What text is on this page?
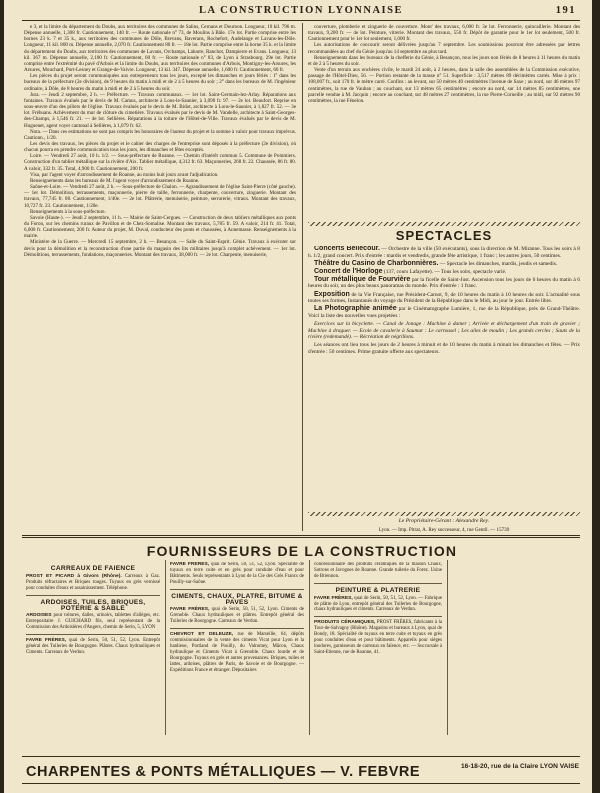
LA CONSTRUCTION LYONNAISE	191

e 3, et la limite du département du Doubs, aux territoires des communes de Salins, Cernans et Dournon. Longueur, 10 kil. 796 m. Dépense annuelle, 1,308 fr. Cautionnement, 140 fr. — Route nationale n° 73, de Moulins à Bâle. 17e lot. Partie comprise entre les bornes 23 k. 7 et 35 k., aux territoires des communes de Dôle, Brevans, Baverans, Rochefort, Audelange et Lavans-les-Dôle. Longueur, 11 kil. 800 m. Dépense annuelle, 2,070 fr. Cautionnement 80 fr. — 18e lot. Partie comprise entre la borne 35 k. et la limite du département du Doubs, aux territoires des communes de Lavans, Orchamps, Labarre, Ranchot, Dampierre et Evans. Longueur, 13 kil. 367 m. Dépense annuelle, 2,100 fr. Cautionnement, 60 fr. — Route nationale n° 83, de Lyon à Strasbourg. 29e lot. Partie comprise entre l'extrémité du pavé d'Arbois et la limite du Doubs, aux territoires des communes d'Arbois, Montigny-les-Arsures, les Arsures, Mouchard, Port-Lesney et Grange-de-Vaivre. Longueur, 13 kil. 347. Dépense annuelle, 1,600 fr. Cautionnement, 60 fr.

Les pièces du projet seront communiquées aux entrepreneurs tous les jours, excepté les dimanches et jours fériés : 1° dans les bureaux de la préfecture (2e division), de 9 heures du matin à midi et de 2 à 5 heures du soir ; 2° dans les bureaux de M. l'ingénieur ordinaire, à Dôle, de 8 heures du matin à midi et de 2 à 5 heures du soir.

Jura. — Jeudi 2 septembre, 2 h. — Préfecture. — Travaux communaux. — 1er lot. Saint-Germain-lez-Arlay. Réparations aux fontaines. Travaux évalués par le devis de M. Camus, architecte à Lons-le-Saunier, à 3,090 fr. 97. — 2e lot. Beaufort. Reprise en sous-œuvre d'un des piliers de l'église. Travaux évalués par le devis de M. Bidot, architecte à Lons-le-Saunier, à 1,827 fr. 52. — 3e lot. Frébuans. Achèvement du mur de clôture du cimetière. Travaux évalués par le devis de M. Vandelle, architecte à Saint-Georges-des-Champs, à 1,546 fr. 21. — 4e lot. Sellières. Réparations à la toiture de l'Hôtel-de-Ville. Travaux évalués par le devis de M. Huguenet, agent voyer cantonal à Sellières, à 1,079 fr. 62.

Nota. — Dans ces estimations ne sont pas compris les honoraires de l'auteur du projet et la somme à valoir pour travaux imprévus. Cautionn., 1/20.

Les devis des travaux, les pièces du projet et le cahier des charges de l'entreprise sont déposés à la préfecture (2e division), où chacun pourra en prendre communication tous les jours, les dimanches et fêtes exceptés.

Loire. — Vendredi 27 août, 10 h. 1/2. — Sous-préfecture de Roanne. — Chemin d'intérêt commun 5. Commune de Pommiers. Construction d'un tablier métallique sur la rivière d'Aix. Tablier métallique, 4,312 fr. 63. Maçonneries, 268 fr. 22. Chaussée, 86 fr. 80. A valoir, 332 fr. 35. Total, 4,900 fr. Cautionnement, 200 fr.

Visa, par l'agent voyer d'arrondissement de Roanne, au moins huit jours avant l'adjudication.

Renseignements dans les bureaux de M. l'agent voyer d'arrondissement de Roanne.

Saône-et-Loire. — Vendredi 27 août, 2 h. — Sous-préfecture de Chalon. — Agrandissement de l'église Saint-Pierre (côté gauche). — 1er lot. Démolition, terrassements, maçonnerie, pierre de taille, ferronnerie, charpente, couverture, zinguerie. Montant des travaux, 77,745 fr. 08. Cautionnement, 1/40e. — 2e lot. Plâtrerie, menuiserie, peinture, serrurerie, vitraux. Montant des travaux, 10,727 fr. 23. Cautionnement, 1/20e.

Renseignements à la sous-préfecture.

Savoie (Haute-). — Jeudi 2 septembre, 11 h. — Mairie de Saint-Cergues. — Construction de deux tabliers métalliques aux ponts du Foron, sur les chemins ruraux de Pavillon et de Chez-Somalise. Montant des travaux, 5,785 fr. 59. A valoir, 214 fr. 41. Total, 6,000 fr. Cautionnement, 200 fr. Auteur du projet, M. Duval, conducteur des ponts et chaussées, à Annemasse. Renseignements à la mairie.

Ministère de la Guerre. — Mercredi 15 septembre, 2 h. — Besançon. — Salle du Saint-Esprit. Génie. Travaux à exécuter sur devis pour la démolition et la reconstruction d'une partie du magasin des lits militaires jusqu'à complet achèvement. — 1er lot. Démolitions, terrassements, fondations, maçonneries. Montant des travaux, 38,000 fr. — 2e lot. Charpente, menuiserie,

couverture, plomberie et zinguerie de couverture. Mont' des travaux, 6,000 fr. 3e lot. Ferronnerie, quincaillerie. Montant des travaux, 9,200 fr. — 4e lot. Peinture, vitrerie. Montant des travaux, 550 fr. Dépôt de garantie pour le 1er lot seulement, 500 fr. Cautionnement pour le 1er lot seulement, 1,000 fr.

Les autorisations de concourir seront délivrées jusqu'au 7 septembre. Les soumissions pourront être adressées par lettres recommandées au chef du Génie jusqu'au 14 septembre au plus tard.

Renseignements dans les bureaux de la chefferie du Génie, à Besançon, tous les jours non fériés de 8 heures à 11 heures du matin et de 2 à 5 heures du soir.

Vente d'un terrain aux enchères civile, le mardi 24 août, à 2 heures, dans la salle des assemblées de la Commission exécutive, passage de l'Hôtel-Dieu, 56. — Portion restante de la masse n° 51. Superficie : 3,517 mètres 89 décimètres carrés. Mise à prix : 108,007 fr., soit 170 fr. le mètre carré. Confins : au levant, sur 50 mètres 40 centimètres l'avenue de Saxe ; au nord, sur 46 mètres 97 centimètres, la rue de Vauban ; au couchant, sur 13 mètres 65 centimètres ; encore au nord, sur 14 mètres 85 centimètres, une parcelle vendue à M. Jacquin ; encore au couchant, sur 48 mètres 27 centimètres, la rue Pierre-Corneille ; au midi, sur 92 mètres 90 centimètres, la rue Fénelon.

SPECTACLES

Concerts Bellecour. — Orchestre de la ville (50 exécutants), sous la direction de M. Miranne. Tous les soirs à 8 h. 1/2, grand concert. Prix d'entrée : mardis et vendredis, grande fête artistique, 1 franc ; les autres jours, 50 centimes.

Théâtre du Casino de Charbonnières. — Spectacle les dimanches, mardis, jeudis et samedis.

Concert de l'Horloge (137, cours Lafayette). — Tous les soirs, spectacle varié.

Tour métallique de Fourvière par la ficelle de Saint-Just. Ascension tous les jours de 6 heures du matin à 6 heures du soir, un des plus beaux panoramas du monde. Prix d'entrée : 1 franc.

Exposition de la Vie Française, rue Président-Carnot, 9, de 10 heures du matin à 10 heures du soir. L'actualité sous toutes ses formes, Instantanés du voyage du Président de la République dans le Midi, au jour le jour. Entrée libre.

La Photographie animée par le Cinématographe Lumière, 1, rue de la République, près de Grand-Théâtre. Voici la liste des nouvelles vues projetées :

Exercices sur la bicyclette. — Canal de Jonage : Machine à damer ; Arrivée et déchargement d'un train de gravier ; Machine à draguer. — Ecole de cavalerie à Saumur : Le carrousel ; Les ailes de moulin ; Les grands cercles ; Sauts de la rivière (redemandé). — Récréation de négrillons.

Les séances ont lieu tous les jours de 2 heures à minuit et de 10 heures du matin à minuit les dimanches et fêtes. — Prix d'entrée : 50 centimes. Prime gratuite offerte aux spectateurs.

Le Propriétaire-Gérant : Alexandre Rey.
Lyon. — Imp. Pitrat, A. Rey successeur, 4, rue Gentil. — 15739
FOURNISSEURS DE LA CONSTRUCTION
CARREAUX DE FAIENCE

PROST ET PICARD à Givors (Rhône). Carreaux à Gaz. Produits réfractaires et Briques rouges. Tuyaux en grès vernissé pour conduites d'eaux et assainissement. Téléphone.

ARDOISES, TUILES, BRIQUES, POTERIE & SABLE

ARDOISES pour toitures, dalles, urinoirs, tablettes d'allèges, etc. Entrepositaire J. GUICHARD fils, seul représentant de la Commission des Ardoisières d'Angers, chemin de Serin, 5, LYON

FAVRE FRÈRES, quai de Serin, 50, 51, 52, Lyon. Entrepôt général des Tuileries de Bourgogne. Plâtres. Chaux hydrauliques et Ciments. Carreaux de Verdun.

FAVRE FRÈRES, quai de Serin, 50, 51, 52, Lyon. Spécialité de tuyaux en terre cuite et en grès pour conduite d'eau et pour Bâtiments. Seuls représentants à Lyon de la Cie des Grès Francs de Pouilly-sur-Saône.

CIMENTS, CHAUX, PLATRE, BITUME & PAVES

FAVRE FRÈRES, quai de Serin, 50, 51, 52, Lyon. Ciments de Grenoble. Chaux hydrauliques et plâtres. Entrepôt général des Tuileries de Bourgogne. Carreaux de Verdun.

CHEVROT ET DELEUZE, rue de Marseille, 64, dépôts commissionnaires de la vente des ciments Vicat pour Lyon et la banlieue, Portland de Pouilly, du Valromey, Mâcon, Chaux hydraulique et Ciments Vicat à Grenoble. Chaux lourde et de Bourgogne. Tuyaux en grès et autres provenances. Briques, tuiles et lattes, ardoises, plâtres de Paris, de Savoie et de Bourgogne. — Expéditions France et étranger. Dépositaires

concessionnaire des produits céramiques de la maison Chaux, Sotrons et Javognes de Roanne. Grande tuilerie du Forez. Usine de Briennon.

PEINTURE & PLATRERIE

FAVRE FRÈRES, quai de Serin, 50, 51, 52, Lyon. — Fabrique de plâtre de Lyon, entrepôt général des Tuileries de Bourgogne, chaux hydrauliques et ciments. Carreaux de Verdun.

PRODUITS CÉRAMIQUES, PROST FRÈRES, fabricants à la Tour-de-Salvagny (Rhône). Magasins et bureaux à Lyon, quai de Bondy, 18. Spécialité de tuyaux en terre cuite et tuyaux en grès pour conduites d'eau et pour bâtiments. Appareils pour sièges inodores, garnisseurs de carreaux en faïence, etc. — Succursale à Saint-Etienne, rue de Roanne, 41.

CHARPENTES & PONTS MÉTALLIQUES — V. FEBVRE	16-18-20, rue de la Claire LYON VAISE
